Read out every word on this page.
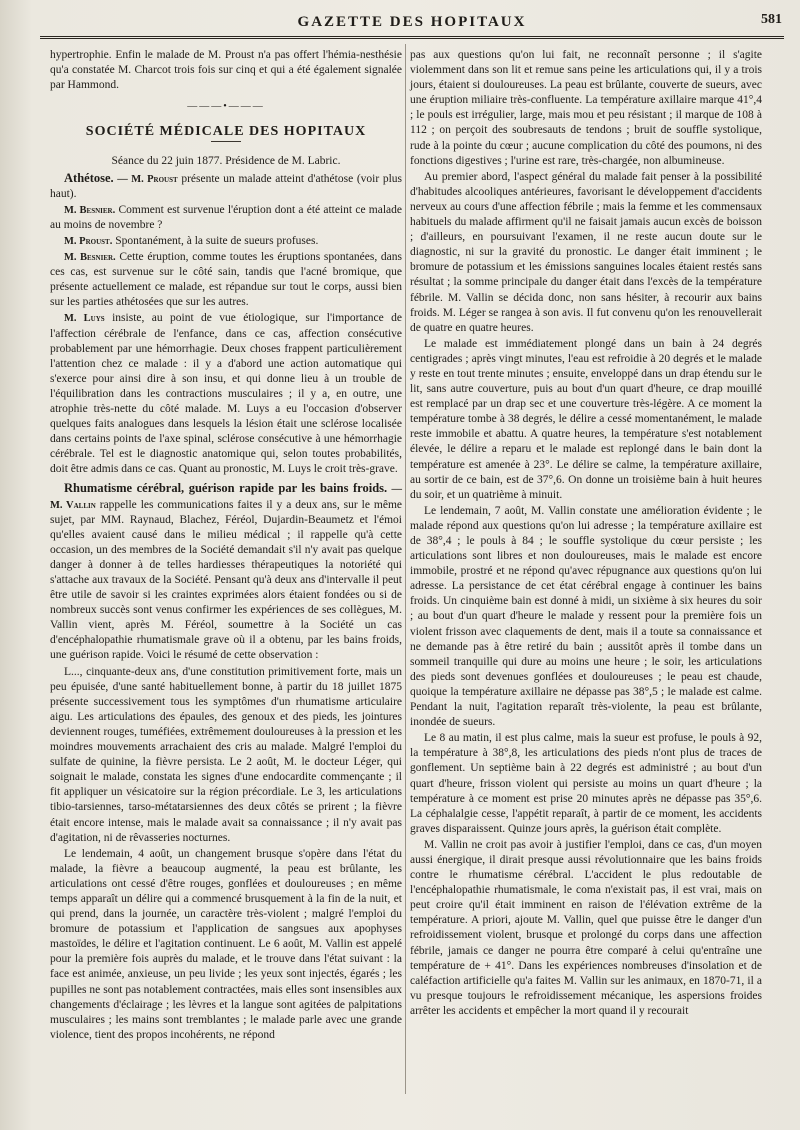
GAZETTE DES HOPITAUX	581

hypertrophie. Enfin le malade de M. Proust n'a pas offert l'hémia-nesthésie qu'a constatée M. Charcot trois fois sur cinq et qui a été également signalée par Hammond.

———•———
SOCIÉTÉ MÉDICALE DES HOPITAUX

Séance du 22 juin 1877. Présidence de M. Labric.

Athétose. — M. Proust présente un malade atteint d'athétose (voir plus haut).

M. Besnier. Comment est survenue l'éruption dont a été atteint ce malade au moins de novembre ?

M. Proust. Spontanément, à la suite de sueurs profuses.

M. Besnier. Cette éruption, comme toutes les éruptions spontanées, dans ces cas, est survenue sur le côté sain, tandis que l'acné bromique, que présente actuellement ce malade, est répandue sur tout le corps, aussi bien sur les parties athétosées que sur les autres.

M. Luys insiste, au point de vue étiologique, sur l'importance de l'affection cérébrale de l'enfance, dans ce cas, affection consécutive probablement par une hémorrhagie. Deux choses frappent particulièrement l'attention chez ce malade : il y a d'abord une action automatique qui s'exerce pour ainsi dire à son insu, et qui donne lieu à un trouble de l'équilibration dans les contractions musculaires ; il y a, en outre, une atrophie très-nette du côté malade. M. Luys a eu l'occasion d'observer quelques faits analogues dans lesquels la lésion était une sclérose localisée dans certains points de l'axe spinal, sclérose consécutive à une hémorrhagie cérébrale. Tel est le diagnostic anatomique qui, selon toutes probabilités, doit être admis dans ce cas. Quant au pronostic, M. Luys le croit très-grave.

Rhumatisme cérébral, guérison rapide par les bains froids. — M. Vallin rappelle les communications faites il y a deux ans, sur le même sujet, par MM. Raynaud, Blachez, Féréol, Dujardin-Beaumetz et l'émoi qu'elles avaient causé dans le milieu médical ; il rappelle qu'à cette occasion, un des membres de la Société demandait s'il n'y avait pas quelque danger à donner à de telles hardiesses thérapeutiques la notoriété qui s'attache aux travaux de la Société. Pensant qu'à deux ans d'intervalle il peut être utile de savoir si les craintes exprimées alors étaient fondées ou si de nombreux succès sont venus confirmer les expériences de ses collègues, M. Vallin vient, après M. Féréol, soumettre à la Société un cas d'encéphalopathie rhumatismale grave où il a obtenu, par les bains froids, une guérison rapide. Voici le résumé de cette observation :

L..., cinquante-deux ans, d'une constitution primitivement forte, mais un peu épuisée, d'une santé habituellement bonne, à partir du 18 juillet 1875 présente successivement tous les symptômes d'un rhumatisme articulaire aigu. Les articulations des épaules, des genoux et des pieds, les jointures deviennent rouges, tuméfiées, extrêmement douloureuses à la pression et les moindres mouvements arrachaient des cris au malade. Malgré l'emploi du sulfate de quinine, la fièvre persista. Le 2 août, M. le docteur Léger, qui soignait le malade, constata les signes d'une endocardite commençante ; il fit appliquer un vésicatoire sur la région précordiale. Le 3, les articulations tibio-tarsiennes, tarso-métatarsiennes des deux côtés se prirent ; la fièvre était encore intense, mais le malade avait sa connaissance ; il n'y avait pas d'agitation, ni de rêvasseries nocturnes.

Le lendemain, 4 août, un changement brusque s'opère dans l'état du malade, la fièvre a beaucoup augmenté, la peau est brûlante, les articulations ont cessé d'être rouges, gonflées et douloureuses ; en même temps apparaît un délire qui a commencé brusquement à la fin de la nuit, et qui prend, dans la journée, un caractère très-violent ; malgré l'emploi du bromure de potassium et l'application de sangsues aux apophyses mastoïdes, le délire et l'agitation continuent. Le 6 août, M. Vallin est appelé pour la première fois auprès du malade, et le trouve dans l'état suivant : la face est animée, anxieuse, un peu livide ; les yeux sont injectés, égarés ; les pupilles ne sont pas notablement contractées, mais elles sont insensibles aux changements d'éclairage ; les lèvres et la langue sont agitées de palpitations musculaires ; les mains sont tremblantes ; le malade parle avec une grande violence, tient des propos incohérents, ne répond

pas aux questions qu'on lui fait, ne reconnaît personne ; il s'agite violemment dans son lit et remue sans peine les articulations qui, il y a trois jours, étaient si douloureuses. La peau est brûlante, couverte de sueurs, avec une éruption miliaire très-confluente. La température axillaire marque 41°,4 ; le pouls est irrégulier, large, mais mou et peu résistant ; il marque de 108 à 112 ; on perçoit des soubresauts de tendons ; bruit de souffle systolique, rude à la pointe du cœur ; aucune complication du côté des poumons, ni des fonctions digestives ; l'urine est rare, très-chargée, non albumineuse.

Au premier abord, l'aspect général du malade fait penser à la possibilité d'habitudes alcooliques antérieures, favorisant le développement d'accidents nerveux au cours d'une affection fébrile ; mais la femme et les commensaux habituels du malade affirment qu'il ne faisait jamais aucun excès de boisson ; d'ailleurs, en poursuivant l'examen, il ne reste aucun doute sur le diagnostic, ni sur la gravité du pronostic. Le danger était imminent ; le bromure de potassium et les émissions sanguines locales étaient restés sans résultat ; la somme principale du danger était dans l'excès de la température fébrile. M. Vallin se décida donc, non sans hésiter, à recourir aux bains froids. M. Léger se rangea à son avis. Il fut convenu qu'on les renouvellerait de quatre en quatre heures.

Le malade est immédiatement plongé dans un bain à 24 degrés centigrades ; après vingt minutes, l'eau est refroidie à 20 degrés et le malade y reste en tout trente minutes ; ensuite, enveloppé dans un drap étendu sur le lit, sans autre couverture, puis au bout d'un quart d'heure, ce drap mouillé est remplacé par un drap sec et une couverture très-légère. A ce moment la température tombe à 38 degrés, le délire a cessé momentanément, le malade reste immobile et abattu. A quatre heures, la température s'est notablement élevée, le délire a reparu et le malade est replongé dans le bain dont la température est amenée à 23°. Le délire se calme, la température axillaire, au sortir de ce bain, est de 37°,6. On donne un troisième bain à huit heures du soir, et un quatrième à minuit.

Le lendemain, 7 août, M. Vallin constate une amélioration évidente ; le malade répond aux questions qu'on lui adresse ; la température axillaire est de 38°,4 ; le pouls à 84 ; le souffle systolique du cœur persiste ; les articulations sont libres et non douloureuses, mais le malade est encore immobile, prostré et ne répond qu'avec répugnance aux questions qu'on lui adresse. La persistance de cet état cérébral engage à continuer les bains froids. Un cinquième bain est donné à midi, un sixième à six heures du soir ; au bout d'un quart d'heure le malade y ressent pour la première fois un violent frisson avec claquements de dent, mais il a toute sa connaissance et ne demande pas à être retiré du bain ; aussitôt après il tombe dans un sommeil tranquille qui dure au moins une heure ; le soir, les articulations des pieds sont devenues gonflées et douloureuses ; le peau est chaude, quoique la température axillaire ne dépasse pas 38°,5 ; le malade est calme. Pendant la nuit, l'agitation reparaît très-violente, la peau est brûlante, inondée de sueurs.

Le 8 au matin, il est plus calme, mais la sueur est profuse, le pouls à 92, la température à 38°,8, les articulations des pieds n'ont plus de traces de gonflement. Un septième bain à 22 degrés est administré ; au bout d'un quart d'heure, frisson violent qui persiste au moins un quart d'heure ; la température à ce moment est prise 20 minutes après ne dépasse pas 35°,6. La céphalalgie cesse, l'appétit reparaît, à partir de ce moment, les accidents graves disparaissent. Quinze jours après, la guérison était complète.

M. Vallin ne croit pas avoir à justifier l'emploi, dans ce cas, d'un moyen aussi énergique, il dirait presque aussi révolutionnaire que les bains froids contre le rhumatisme cérébral. L'accident le plus redoutable de l'encéphalopathie rhumatismale, le coma n'existait pas, il est vrai, mais on peut croire qu'il était imminent en raison de l'élévation extrême de la température. A priori, ajoute M. Vallin, quel que puisse être le danger d'un refroidissement violent, brusque et prolongé du corps dans une affection fébrile, jamais ce danger ne pourra être comparé à celui qu'entraîne une température de + 41°. Dans les expériences nombreuses d'insolation et de caléfaction artificielle qu'a faites M. Vallin sur les animaux, en 1870-71, il a vu presque toujours le refroidissement mécanique, les aspersions froides arrêter les accidents et empêcher la mort quand il y recourait
